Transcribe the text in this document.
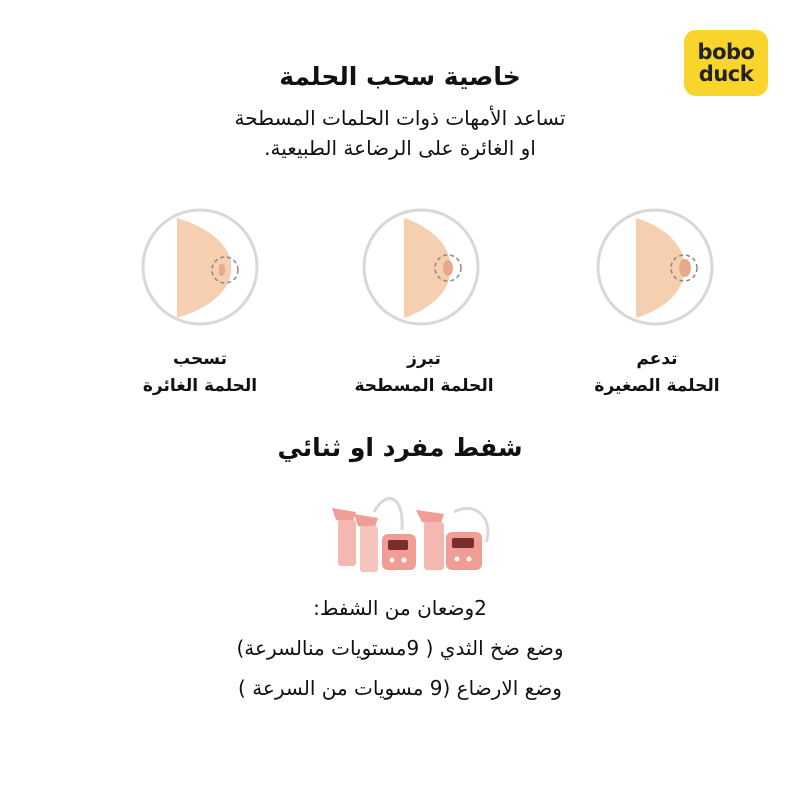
bobo
duck
خاصية سحب الحلمة
تساعد الأمهات ذوات الحلمات المسطحة
او الغائرة على الرضاعة الطبيعية.
تسحب
الحلمة الغائرة
تبرز
الحلمة المسطحة
تدعم
الحلمة الصغيرة
شفط مفرد او ثنائي
2وضعان من الشفط:
وضع ضخ الثدي ( 9مستويات منالسرعة)
وضع الارضاع (9 مسويات من السرعة )
